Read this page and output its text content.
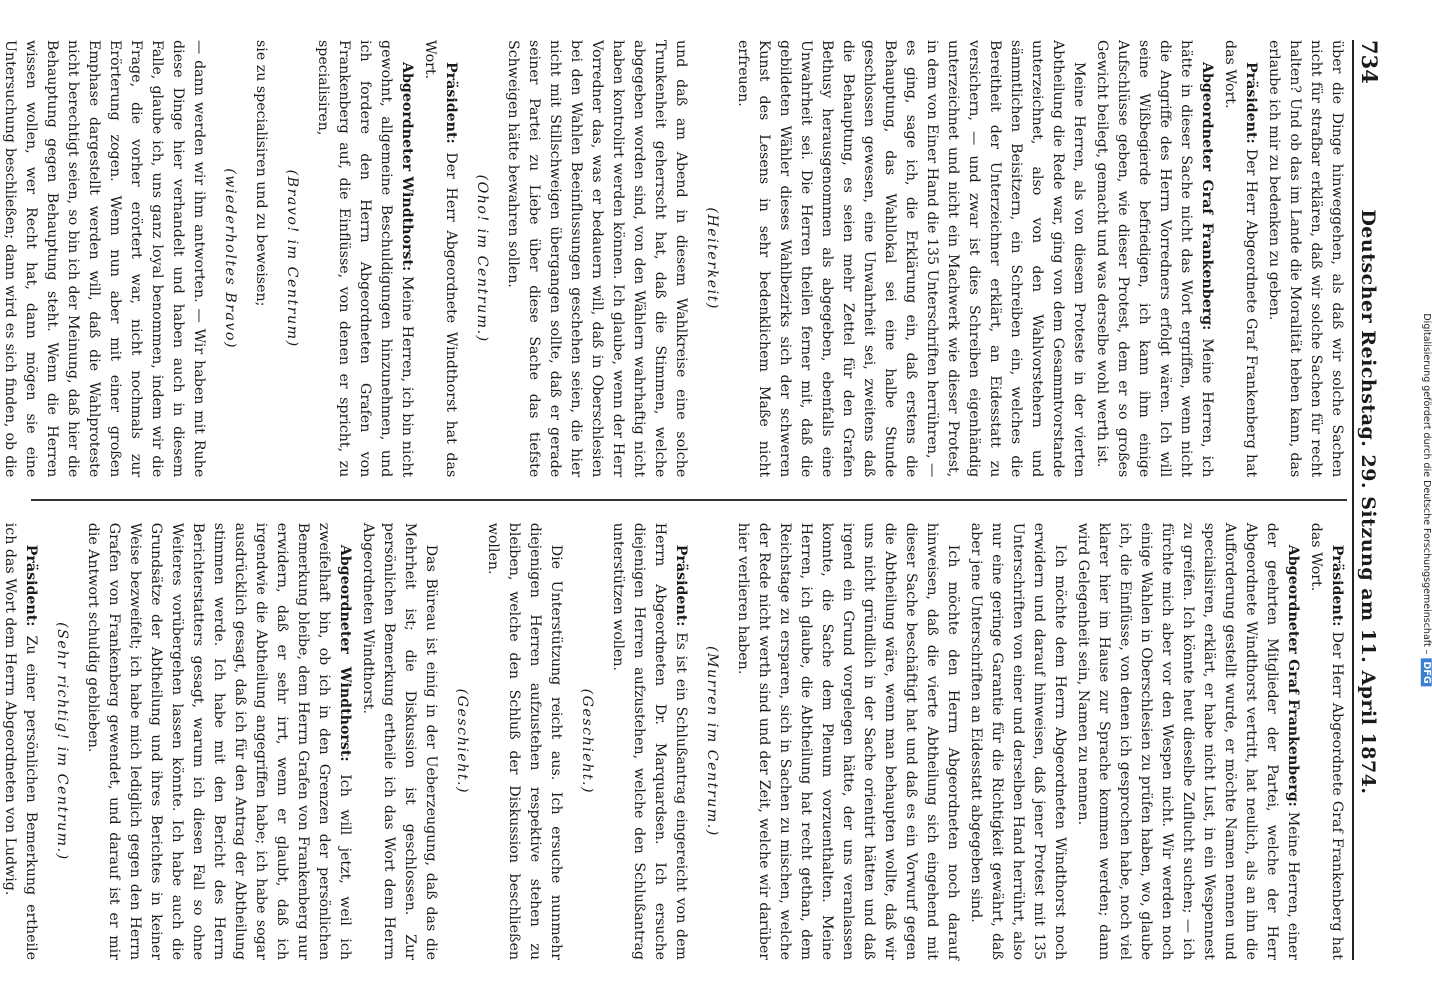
734
Deutscher Reichstag. 29. Sitzung am 11. April 1874.
über die Dinge hinweggehen, als daß wir solche Sachen nicht für strafbar erklären, daß wir solche Sachen für recht halten? Und ob das im Lande die Moralität heben kann, das erlaube ich mir zu bedenken zu geben.
Präsident: Der Herr Abgeordnete Graf Frankenberg hat das Wort.
Abgeordneter Graf Frankenberg: Meine Herren, ich hätte in dieser Sache nicht das Wort ergriffen, wenn nicht die Angriffe des Herrn Vorredners erfolgt wären. Ich will seine Wißbegierde befriedigen, ich kann ihm einige Aufschlüsse geben, wie dieser Protest, dem er so großes Gewicht beilegt, gemacht und was derselbe wohl werth ist.
Meine Herren, als von diesem Proteste in der vierten Abtheilung die Rede war, ging von dem Gesammtvorstande unterzeichnet, also von den Wahlvorstehern und sämmtlichen Beisitzern, ein Schreiben ein, welches die Bereitheit der Unterzeichner erklärt, an Eidesstatt zu versichern, — und zwar ist dies Schreiben eigenhändig unterzeichnet und nicht ein Machwerk wie dieser Protest, in dem von Einer Hand die 135 Unterschriften herrühren, — es ging, sage ich, die Erklärung ein, daß erstens die Behauptung, das Wahllokal sei eine halbe Stunde geschlossen gewesen, eine Unwahrheit sei, zweitens daß die Behauptung, es seien mehr Zettel für den Grafen Bethusy herausgenommen als abgegeben, ebenfalls eine Unwahrheit sei. Die Herren theilen ferner mit, daß die gebildeten Wähler dieses Wahlbezirks sich der schweren Kunst des Lesens in sehr bedenklichem Maße nicht erfreuen.
(Heiterkeit)
und daß am Abend in diesem Wahlkreise eine solche Trunkenheit geherrscht hat, daß die Stimmen, welche abgegeben worden sind, von den Wählern wahrhaftig nicht haben kontrolirt werden können. Ich glaube, wenn der Herr Vorredner das, was er bedauern will, daß in Oberschlesien bei den Wahlen Beeinflussungen geschehen seien, die hier nicht mit Stillschweigen übergangen sollte, daß er gerade seiner Partei zu Liebe über diese Sache das tiefste Schweigen hätte bewahren sollen.
(Oho! im Centrum.)
Präsident: Der Herr Abgeordnete Windthorst hat das Wort.
Abgeordneter Windthorst: Meine Herren, ich bin nicht gewohnt, allgemeine Beschuldigungen hinzunehmen, und ich fordere den Herrn Abgeordneten Grafen von Frankenberg auf, die Einflüsse, von denen er spricht, zu specialisiren,
(Bravo! im Centrum)
sie zu specialisiren und zu beweisen;
(wiederholtes Bravo)
— dann werden wir ihm antworten. — Wir haben mit Ruhe diese Dinge hier verhandelt und haben auch in diesem Falle, glaube ich, uns ganz loyal benommen, indem wir die Frage, die vorher erörtert war, nicht nochmals zur Erörterung zogen. Wenn nun aber mit einer großen Emphase dargestellt werden will, daß die Wahlproteste nicht berechtigt seien, so bin ich der Meinung, daß hier die Behauptung gegen Behauptung steht. Wenn die Herren wissen wollen, wer Recht hat, dann mögen sie eine Untersuchung beschließen; dann wird es sich finden, ob die
Präsident: Der Herr Abgeordnete Graf Frankenberg hat das Wort.
Abgeordneter Graf Frankenberg: Meine Herren, einer der geehrten Mitglieder der Partei, welche der Herr Abgeordnete Windthorst vertritt, hat neulich, als an ihn die Aufforderung gestellt wurde, er möchte Namen nennen und specialisiren, erklärt, er habe nicht Lust, in ein Wespennest zu greifen. Ich könnte heut dieselbe Zuflucht suchen; — ich fürchte mich aber vor den Wespen nicht. Wir werden noch einige Wahlen in Oberschlesien zu prüfen haben, wo, glaube ich, die Einflüsse, von denen ich gesprochen habe, noch viel klarer hier im Hause zur Sprache kommen werden; dann wird Gelegenheit sein, Namen zu nennen.
Ich möchte dem Herrn Abgeordneten Windthorst noch erwidern und darauf hinweisen, daß jener Protest mit 135 Unterschriften von einer und derselben Hand herrührt, also nur eine geringe Garantie für die Richtigkeit gewährt, daß aber jene Unterschriften an Eidesstatt abgegeben sind.
Ich möchte den Herrn Abgeordneten noch darauf hinweisen, daß die vierte Abtheilung sich eingehend mit dieser Sache beschäftigt hat und daß es ein Vorwurf gegen die Abtheilung wäre, wenn man behaupten wollte, daß wir uns nicht gründlich in der Sache orientirt hätten und daß irgend ein Grund vorgelegen hätte, der uns veranlassen konnte, die Sache dem Plenum vorzuenthalten. Meine Herren, ich glaube, die Abtheilung hat recht gethan, dem Reichstage zu ersparen, sich in Sachen zu mischen, welche der Rede nicht werth sind und der Zeit, welche wir darüber hier verlieren haben.
(Murren im Centrum.)
Präsident: Es ist ein Schlußantrag eingereicht von dem Herrn Abgeordneten Dr. Marquardsen. Ich ersuche diejenigen Herren aufzustehen, welche den Schlußantrag unterstützen wollen.
(Geschieht.)
Die Unterstützung reicht aus. Ich ersuche nunmehr diejenigen Herren aufzustehen respektive stehen zu bleiben, welche den Schluß der Diskussion beschließen wollen.
(Geschieht.)
Das Büreau ist einig in der Ueberzeugung, daß das die Mehrheit ist; die Diskussion ist geschlossen. Zur persönlichen Bemerkung ertheile ich das Wort dem Herrn Abgeordneten Windthorst.
Abgeordneter Windthorst: Ich will jetzt, weil ich zweifelhaft bin, ob ich in den Grenzen der persönlichen Bemerkung bleibe, dem Herrn Grafen von Frankenberg nur erwidern, daß er sehr irrt, wenn er glaubt, daß ich irgendwie die Abtheilung angegriffen habe; ich habe sogar ausdrücklich gesagt, daß ich für den Antrag der Abtheilung stimmen werde. Ich habe mit den Bericht des Herrn Berichterstatters gesagt, warum ich diesen Fall so ohne Weiteres vorübergehen lassen könnte. Ich habe auch die Grundsätze der Abtheilung und ihres Berichtes in keiner Weise bezweifelt; ich habe mich lediglich gegen den Herrn Grafen von Frankenberg gewendet, und darauf ist er mir die Antwort schuldig geblieben.
(Sehr richtig! im Centrum.)
Präsident: Zu einer persönlichen Bemerkung ertheile ich das Wort dem Herrn Abgeordneten von Ludwig.
Digitalisierung gefördert durch die Deutsche Forschungsgemeinschaft –DFG
